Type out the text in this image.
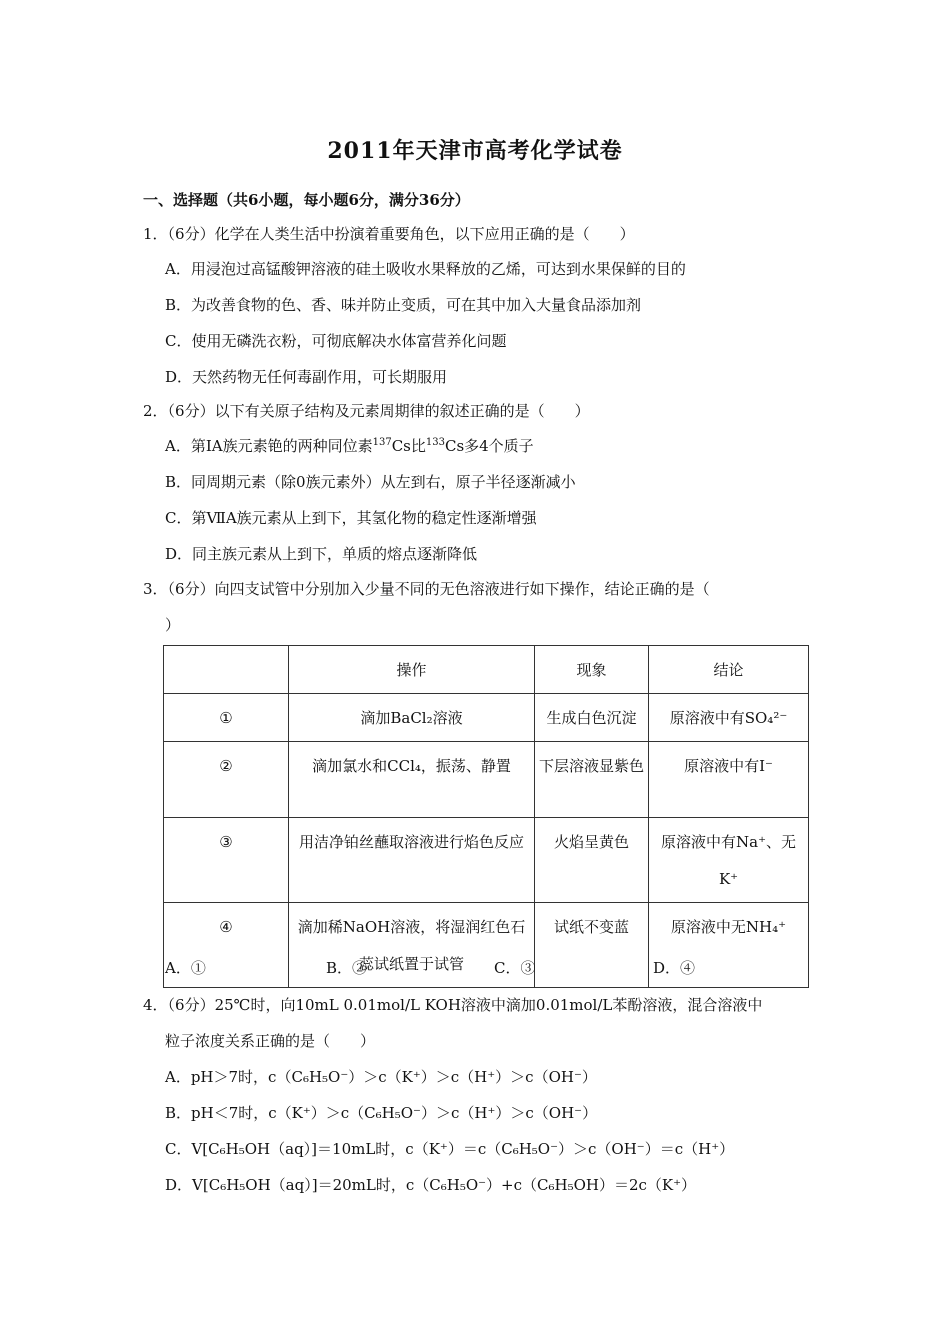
2011年天津市高考化学试卷
一、选择题（共6小题，每小题6分，满分36分）
1．（6分）化学在人类生活中扮演着重要角色，以下应用正确的是（　　）
A．用浸泡过高锰酸钾溶液的硅土吸收水果释放的乙烯，可达到水果保鲜的目的
B．为改善食物的色、香、味并防止变质，可在其中加入大量食品添加剂
C．使用无磷洗衣粉，可彻底解决水体富营养化问题
D．天然药物无任何毒副作用，可长期服用
2．（6分）以下有关原子结构及元素周期律的叙述正确的是（　　）
A．第IA族元素铯的两种同位素$^{137}$Cs比$^{133}$Cs多4个质子
B．同周期元素（除0族元素外）从左到右，原子半径逐渐减小
C．第ⅦA族元素从上到下，其氢化物的稳定性逐渐增强
D．同主族元素从上到下，单质的熔点逐渐降低
3．（6分）向四支试管中分别加入少量不同的无色溶液进行如下操作，结论正确的是（
）
	操作	现象	结论
①	滴加BaCl₂溶液	生成白色沉淀	原溶液中有SO₄²⁻
②	滴加氯水和CCl₄，振荡、静置	下层溶液显紫色	原溶液中有I⁻
③	用洁净铂丝蘸取溶液进行焰色反应	火焰呈黄色	原溶液中有Na⁺、无K⁺
④	滴加稀NaOH溶液，将湿润红色石蕊试纸置于试管	试纸不变蓝	原溶液中无NH₄⁺
A．①	B．②	C．③	D．④
4．（6分）25℃时，向10mL 0.01mol/L KOH溶液中滴加0.01mol/L苯酚溶液，混合溶液中
粒子浓度关系正确的是（　　）
A．pH＞7时，c（C₆H₅O⁻）＞c（K⁺）＞c（H⁺）＞c（OH⁻）
B．pH＜7时，c（K⁺）＞c（C₆H₅O⁻）＞c（H⁺）＞c（OH⁻）
C．V[C₆H₅OH（aq）]＝10mL时，c（K⁺）＝c（C₆H₅O⁻）＞c（OH⁻）＝c（H⁺）
D．V[C₆H₅OH（aq）]＝20mL时，c（C₆H₅O⁻）+c（C₆H₅OH）＝2c（K⁺）
